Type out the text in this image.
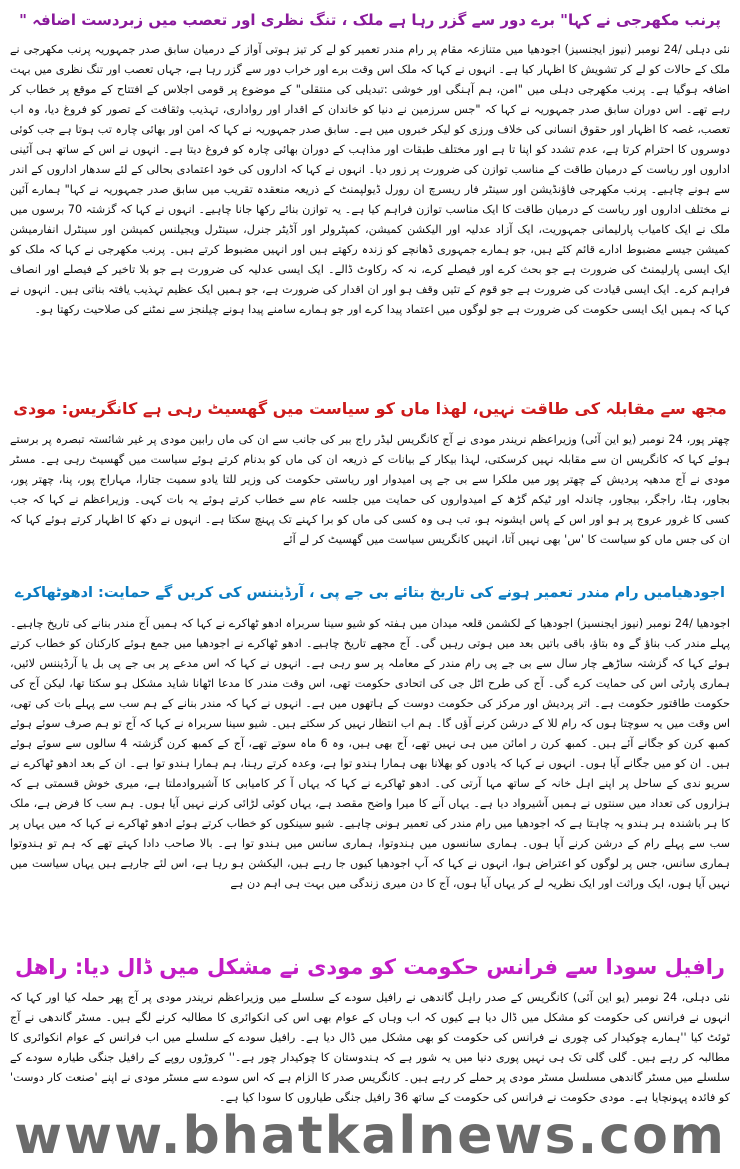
پرنب مکھرجی نے کہا" برے دور سے گزر رہا ہے ملک ، تنگ نظری اور تعصب میں زبردست اضافہ "

نئی دہلی /24 نومبر (نیوز ایجنسیز) اجودھیا میں متنازعہ مقام پر رام مندر تعمیر کو لے کر تیز ہوتی آواز کے درمیان سابق صدر جمہوریہ پرنب مکھرجی نے ملک کے حالات کو لے کر تشویش کا اظہار کیا ہے۔ انہوں نے کہا کہ ملک اس وقت برے اور خراب دور سے گزر رہا ہے، جہاں تعصب اور تنگ نظری میں بہت اضافہ ہوگیا ہے۔ پرنب مکھرجی دہلی میں "امن، ہم آہنگی اور خوشی :تبدیلی کی منتقلی" کے موضوع پر قومی اجلاس کے افتتاح کے موقع پر خطاب کر رہے تھے۔ اس دوران سابق صدر جمہوریہ نے کہا کہ "جس سرزمین نے دنیا کو خاندان کے اقدار اور رواداری، تہذیب وثقافت کے تصور کو فروغ دیا، وہ اب تعصب، غصہ کا اظہار اور حقوق انسانی کی خلاف ورزی کو لیکر خبروں میں ہے۔ سابق صدر جمہوریہ نے کہا کہ امن اور بھائی چارہ تب ہوتا ہے جب کوئی دوسروں کا احترام کرتا ہے، عدم تشدد کو اپنا تا ہے اور مختلف طبقات اور مذاہب کے دوران بھائی چارہ کو فروغ دیتا ہے۔ انہوں نے اس کے ساتھ ہی آئینی اداروں اور ریاست کے درمیان طاقت کے مناسب توازن کی ضرورت پر زور دیا۔ انہوں نے کہا کہ اداروں کی خود اعتمادی بحالی کے لئے سدھار اداروں کے اندر سے ہونے چاہیے۔ پرنب مکھرجی فاؤنڈیشن اور سینٹر فار ریسرچ ان رورل ڈیولپمنٹ کے ذریعہ منعقدہ تقریب میں سابق صدر جمہوریہ نے کہا" ہمارے آئین نے مختلف اداروں اور ریاست کے درمیان طاقت کا ایک مناسب توازن فراہم کیا ہے۔ یہ توازن بنائے رکھا جانا چاہیے۔ انہوں نے کہا کہ گزشتہ 70 برسوں میں ملک نے ایک کامیاب پارلیمانی جمہوریت، ایک آزاد عدلیہ اور الیکشن کمیشن، کمپٹرولر اور آڈیٹر جنرل، سینٹرل ویجیلنس کمیشن اور سینٹرل انفارمیشن کمیشن جیسے مضبوط ادارے قائم کئے ہیں، جو ہمارے جمہوری ڈھانچے کو زندہ رکھتے ہیں اور انہیں مضبوط کرتے ہیں۔ پرنب مکھرجی نے کہا کہ ملک کو ایک ایسی پارلیمنٹ کی ضرورت ہے جو بحث کرے اور فیصلے کرے، نہ کہ رکاوٹ ڈالے۔ ایک ایسی عدلیہ کی ضرورت ہے جو بلا تاخیر کے فیصلے اور انصاف فراہم کرے۔ ایک ایسی قیادت کی ضرورت ہے جو قوم کے تئیں وقف ہو اور ان اقدار کی ضرورت ہے، جو ہمیں ایک عظیم تہذیب یافتہ بناتی ہیں۔ انہوں نے کہا کہ ہمیں ایک ایسی حکومت کی ضرورت ہے جو لوگوں میں اعتماد پیدا کرے اور جو ہمارے سامنے پیدا ہونے چیلنجز سے نمٹنے کی صلاحیت رکھتا ہو۔

مجھ سے مقابلہ کی طاقت نہیں، لھذا ماں کو سیاست میں گھسیٹ رہی ہے کانگریس: مودی

چھتر پور، 24 نومبر (یو این آئی) وزیراعظم نریندر مودی نے آج کانگریس لیڈر راج ببر کی جانب سے ان کی ماں رابین مودی پر غیر شائستہ تبصرہ پر برستے ہوئے کہا کہ کانگریس ان سے مقابلہ نہیں کرسکتی، لہذا بیکار کے بیانات کے ذریعہ ان کی ماں کو بدنام کرتے ہوئے سیاست میں گھسیٹ رہی ہے۔ مسٹر مودی نے آج مدھیہ پردیش کے چھتر پور میں ملکرا سے بی جے پی امیدوار اور ریاستی حکومت کی وزیر للتا یادو سمیت جتارا، مہاراج پور، پنا، چھتر پور، بجاور، ہٹا، راجگر، بیجاور، چاندلہ اور ٹیکم گڑھ کے امیدواروں کی حمایت میں جلسہ عام سے خطاب کرتے ہوئے یہ بات کہی۔ وزیراعظم نے کہا کہ جب کسی کا غرور عروج پر ہو اور اس کے پاس ایشونہ ہو، تب ہی وہ کسی کی ماں کو برا کہنے تک پہنچ سکتا ہے۔ انہوں نے دکھ کا اظہار کرتے ہوئے کہا کہ ان کی جس ماں کو سیاست کا 'س' بھی نہیں آتا، انہیں کانگریس سیاست میں گھسیٹ کر لے آئے

اجودھیامیں رام مندر تعمیر ہونے کی تاریخ بتائے بی جے پی ، آرڈیننس کی کریں گے حمایت: ادھوٹھاکرے

اجودھیا /24 نومبر (نیوز ایجنسیز) اجودھیا کے لکشمن قلعہ میدان میں ہفتہ کو شیو سینا سربراہ ادھو ٹھاکرے نے کہا کہ ہمیں آج مندر بنانے کی تاریخ چاہیے۔ پہلے مندر کب بناؤ گے وہ بتاؤ، باقی باتیں بعد میں ہوتی رہیں گی۔ آج مجھے تاریخ چاہیے۔ ادھو ٹھاکرے نے اجودھیا میں جمع ہوئے کارکنان کو خطاب کرتے ہوئے کہا کہ گزشتہ ساڑھے چار سال سے بی جے پی رام مندر کے معاملہ پر سو رہی ہے۔ انہوں نے کہا کہ اس مدعے پر بی جے پی بل یا آرڈیننس لائیں، ہماری پارٹی اس کی حمایت کرے گی۔ آج کی طرح اٹل جی کی اتحادی حکومت تھی، اس وقت مندر کا مدعا اٹھانا شاید مشکل ہو سکتا تھا، لیکن آج کی حکومت طاقتور حکومت ہے۔ اتر پردیش اور مرکز کی حکومت دوست کے ہاتھوں میں ہے۔ انہوں نے کہا کہ مندر بنانے کے ہم سب سے پہلے بات کی تھی، اس وقت میں یہ سوچتا ہوں کہ رام للا کے درشن کرنے آؤں گا۔ ہم اب انتظار نہیں کر سکتے ہیں۔ شیو سینا سربراہ نے کہا کہ آج تو ہم صرف سوئے ہوئے کمبھ کرن کو جگانے آئے ہیں۔ کمبھ کرن ر امائن میں ہی نہیں تھے، آج بھی ہیں، وہ 6 ماہ سوتے تھے، آج کے کمبھ کرن گزشتہ 4 سالوں سے سوئے ہوئے ہیں۔ ان کو میں جگانے آیا ہوں۔ انہوں نے کہا کہ یادوں کو بھلانا بھی ہمارا ہندو توا ہے، وعدہ کرتے رہنا، ہم ہمارا ہندو توا ہے۔ ان کے بعد ادھو ٹھاکرے نے سریو ندی کے ساحل پر اپنے اہل خانہ کے ساتھ مہا آرتی کی۔ ادھو ٹھاکرے نے کہا کہ یہاں آ کر کامیابی کا آشیروادملتا ہے، میری خوش قسمتی ہے کہ ہزاروں کی تعداد میں سنتوں نے ہمیں آشیرواد دیا ہے۔ یہاں آنے کا میرا واضح مقصد ہے، یہاں کوئی لڑائی کرنے نہیں آیا ہوں۔ ہم سب کا فرض ہے، ملک کا ہر باشندہ ہر ہندو یہ چاہتا ہے کہ اجودھیا میں رام مندر کی تعمیر ہونی چاہیے۔ شیو سینکوں کو خطاب کرتے ہوئے ادھو ٹھاکرے نے کہا کہ میں یہاں پر سب سے پہلے رام کے درشن کرنے آیا ہوں۔ ہماری سانسوں میں ہندوتوا، ہماری سانس میں ہندو توا ہے۔ بالا صاحب دادا کہتے تھے کہ ہم تو ہندوتوا ہماری سانس، جس پر لوگوں کو اعتراض ہوا، انہوں نے کہا کہ آپ اجودھیا کیوں جا رہے ہیں، الیکشن ہو رہا ہے، اس لئے جارہے ہیں یہاں سیاست میں نہیں آیا ہوں، ایک وراثت اور ایک نظریہ لے کر یہاں آیا ہوں، آج کا دن میری زندگی میں بہت ہی اہم دن ہے

رافیل سودا سے فرانس حکومت کو مودی نے مشکل میں ڈال دیا: راھل

نئی دہلی، 24 نومبر (یو این آئی) کانگریس کے صدر راہل گاندھی نے رافیل سودے کے سلسلے میں وزیراعظم نریندر مودی پر آج پھر حملہ کیا اور کہا کہ انہوں نے فرانس کی حکومت کو مشکل میں ڈال دیا ہے کیوں کہ اب وہاں کے عوام بھی اس کی انکوائری کا مطالبہ کرنے لگے ہیں۔ مسٹر گاندھی نے آج ٹوئٹ کیا ''ہمارے چوکیدار کی چوری نے فرانس کی حکومت کو بھی مشکل میں ڈال دیا ہے۔ رافیل سودے کے سلسلے میں اب فرانس کے عوام انکوائری کا مطالبہ کر رہے ہیں۔ گلی گلی تک ہی نہیں پوری دنیا میں یہ شور ہے کہ ہندوستان کا چوکیدار چور ہے۔'' کروڑوں روپے کے رافیل جنگی طیارہ سودے کے سلسلے میں مسٹر گاندھی مسلسل مسٹر مودی پر حملے کر رہے ہیں۔ کانگریس صدر کا الزام ہے کہ اس سودے سے مسٹر مودی نے اپنے 'صنعت کار دوست' کو فائدہ پہونچایا ہے۔ مودی حکومت نے فرانس کی حکومت کے ساتھ 36 رافیل جنگی طیاروں کا سودا کیا ہے۔

www.bhatkalnews.com
